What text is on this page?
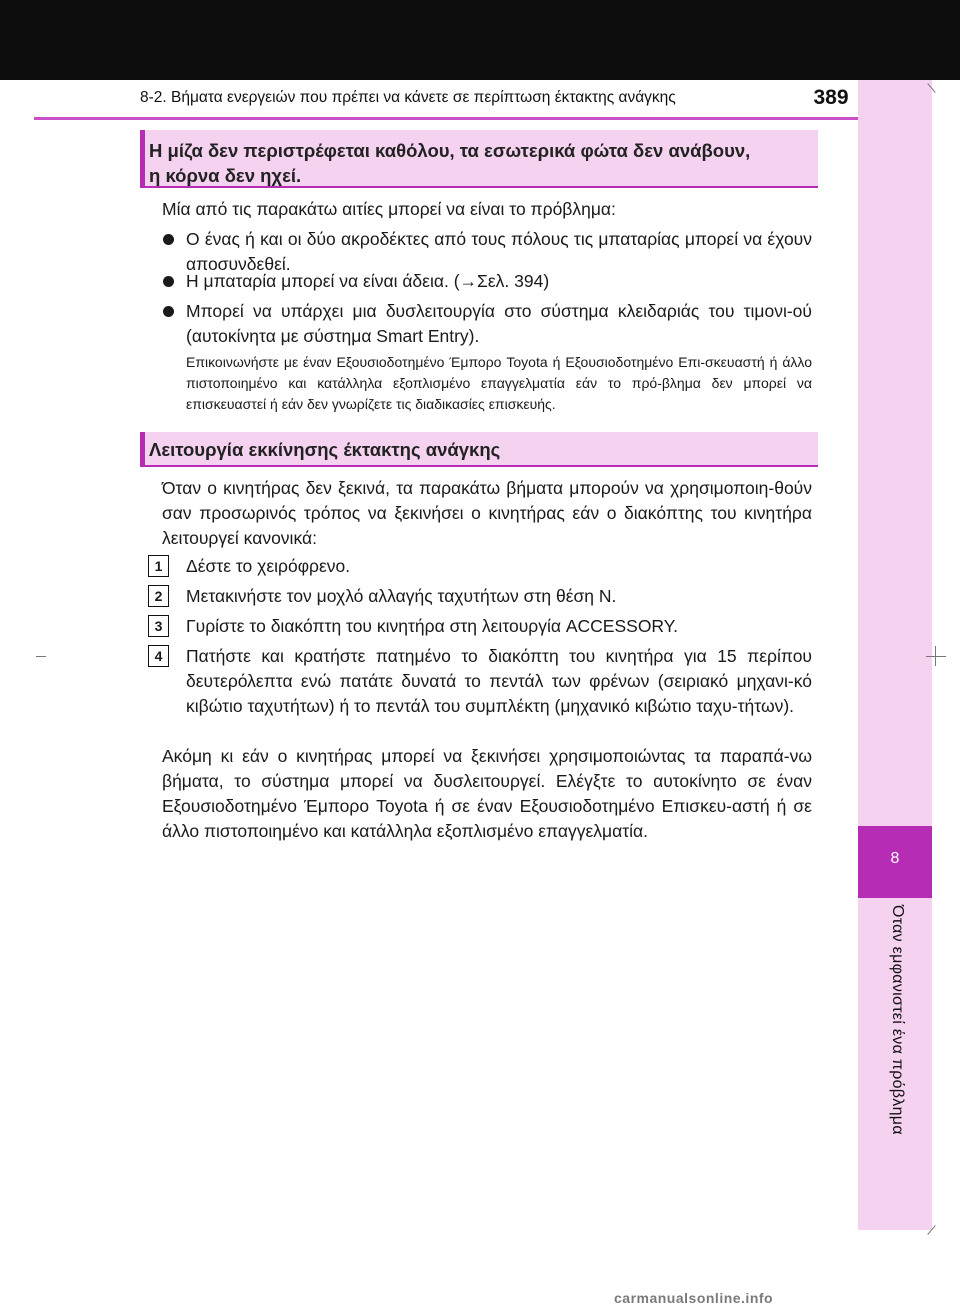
8
Όταν εμφανιστεί ένα πρόβλημα
8-2. Βήματα ενεργειών που πρέπει να κάνετε σε περίπτωση έκτακτης ανάγκης	389
Η μίζα δεν περιστρέφεται καθόλου, τα εσωτερικά φώτα δεν ανάβουν,
η κόρνα δεν ηχεί.
Μία από τις παρακάτω αιτίες μπορεί να είναι το πρόβλημα:
Ο ένας ή και οι δύο ακροδέκτες από τους πόλους τις μπαταρίας μπορεί να έχουν αποσυνδεθεί.
Η μπαταρία μπορεί να είναι άδεια. (→Σελ. 394)
Μπορεί να υπάρχει μια δυσλειτουργία στο σύστημα κλειδαριάς του τιμονι-ού (αυτοκίνητα με σύστημα Smart Entry).
Επικοινωνήστε με έναν Εξουσιοδοτημένο Έμπορο Toyota ή Εξουσιοδοτημένο Επι-σκευαστή ή άλλο πιστοποιημένο και κατάλληλα εξοπλισμένο επαγγελματία εάν το πρό-βλημα δεν μπορεί να επισκευαστεί ή εάν δεν γνωρίζετε τις διαδικασίες επισκευής.
Λειτουργία εκκίνησης έκτακτης ανάγκης
Όταν ο κινητήρας δεν ξεκινά, τα παρακάτω βήματα μπορούν να χρησιμοποιη-θούν σαν προσωρινός τρόπος να ξεκινήσει ο κινητήρας εάν ο διακόπτης του κινητήρα λειτουργεί κανονικά:
1	Δέστε το χειρόφρενο.
2	Μετακινήστε τον μοχλό αλλαγής ταχυτήτων στη θέση N.
3	Γυρίστε το διακόπτη του κινητήρα στη λειτουργία ACCESSORY.
4	Πατήστε και κρατήστε πατημένο το διακόπτη του κινητήρα για 15 περίπου δευτερόλεπτα ενώ πατάτε δυνατά το πεντάλ των φρένων (σειριακό μηχανι-κό κιβώτιο ταχυτήτων) ή το πεντάλ του συμπλέκτη (μηχανικό κιβώτιο ταχυ-τήτων).
Ακόμη κι εάν ο κινητήρας μπορεί να ξεκινήσει χρησιμοποιώντας τα παραπά-νω βήματα, το σύστημα μπορεί να δυσλειτουργεί. Ελέγξτε το αυτοκίνητο σε έναν Εξουσιοδοτημένο Έμπορο Toyota ή σε έναν Εξουσιοδοτημένο Επισκευ-αστή ή σε άλλο πιστοποιημένο και κατάλληλα εξοπλισμένο επαγγελματία.
carmanualsonline.info
